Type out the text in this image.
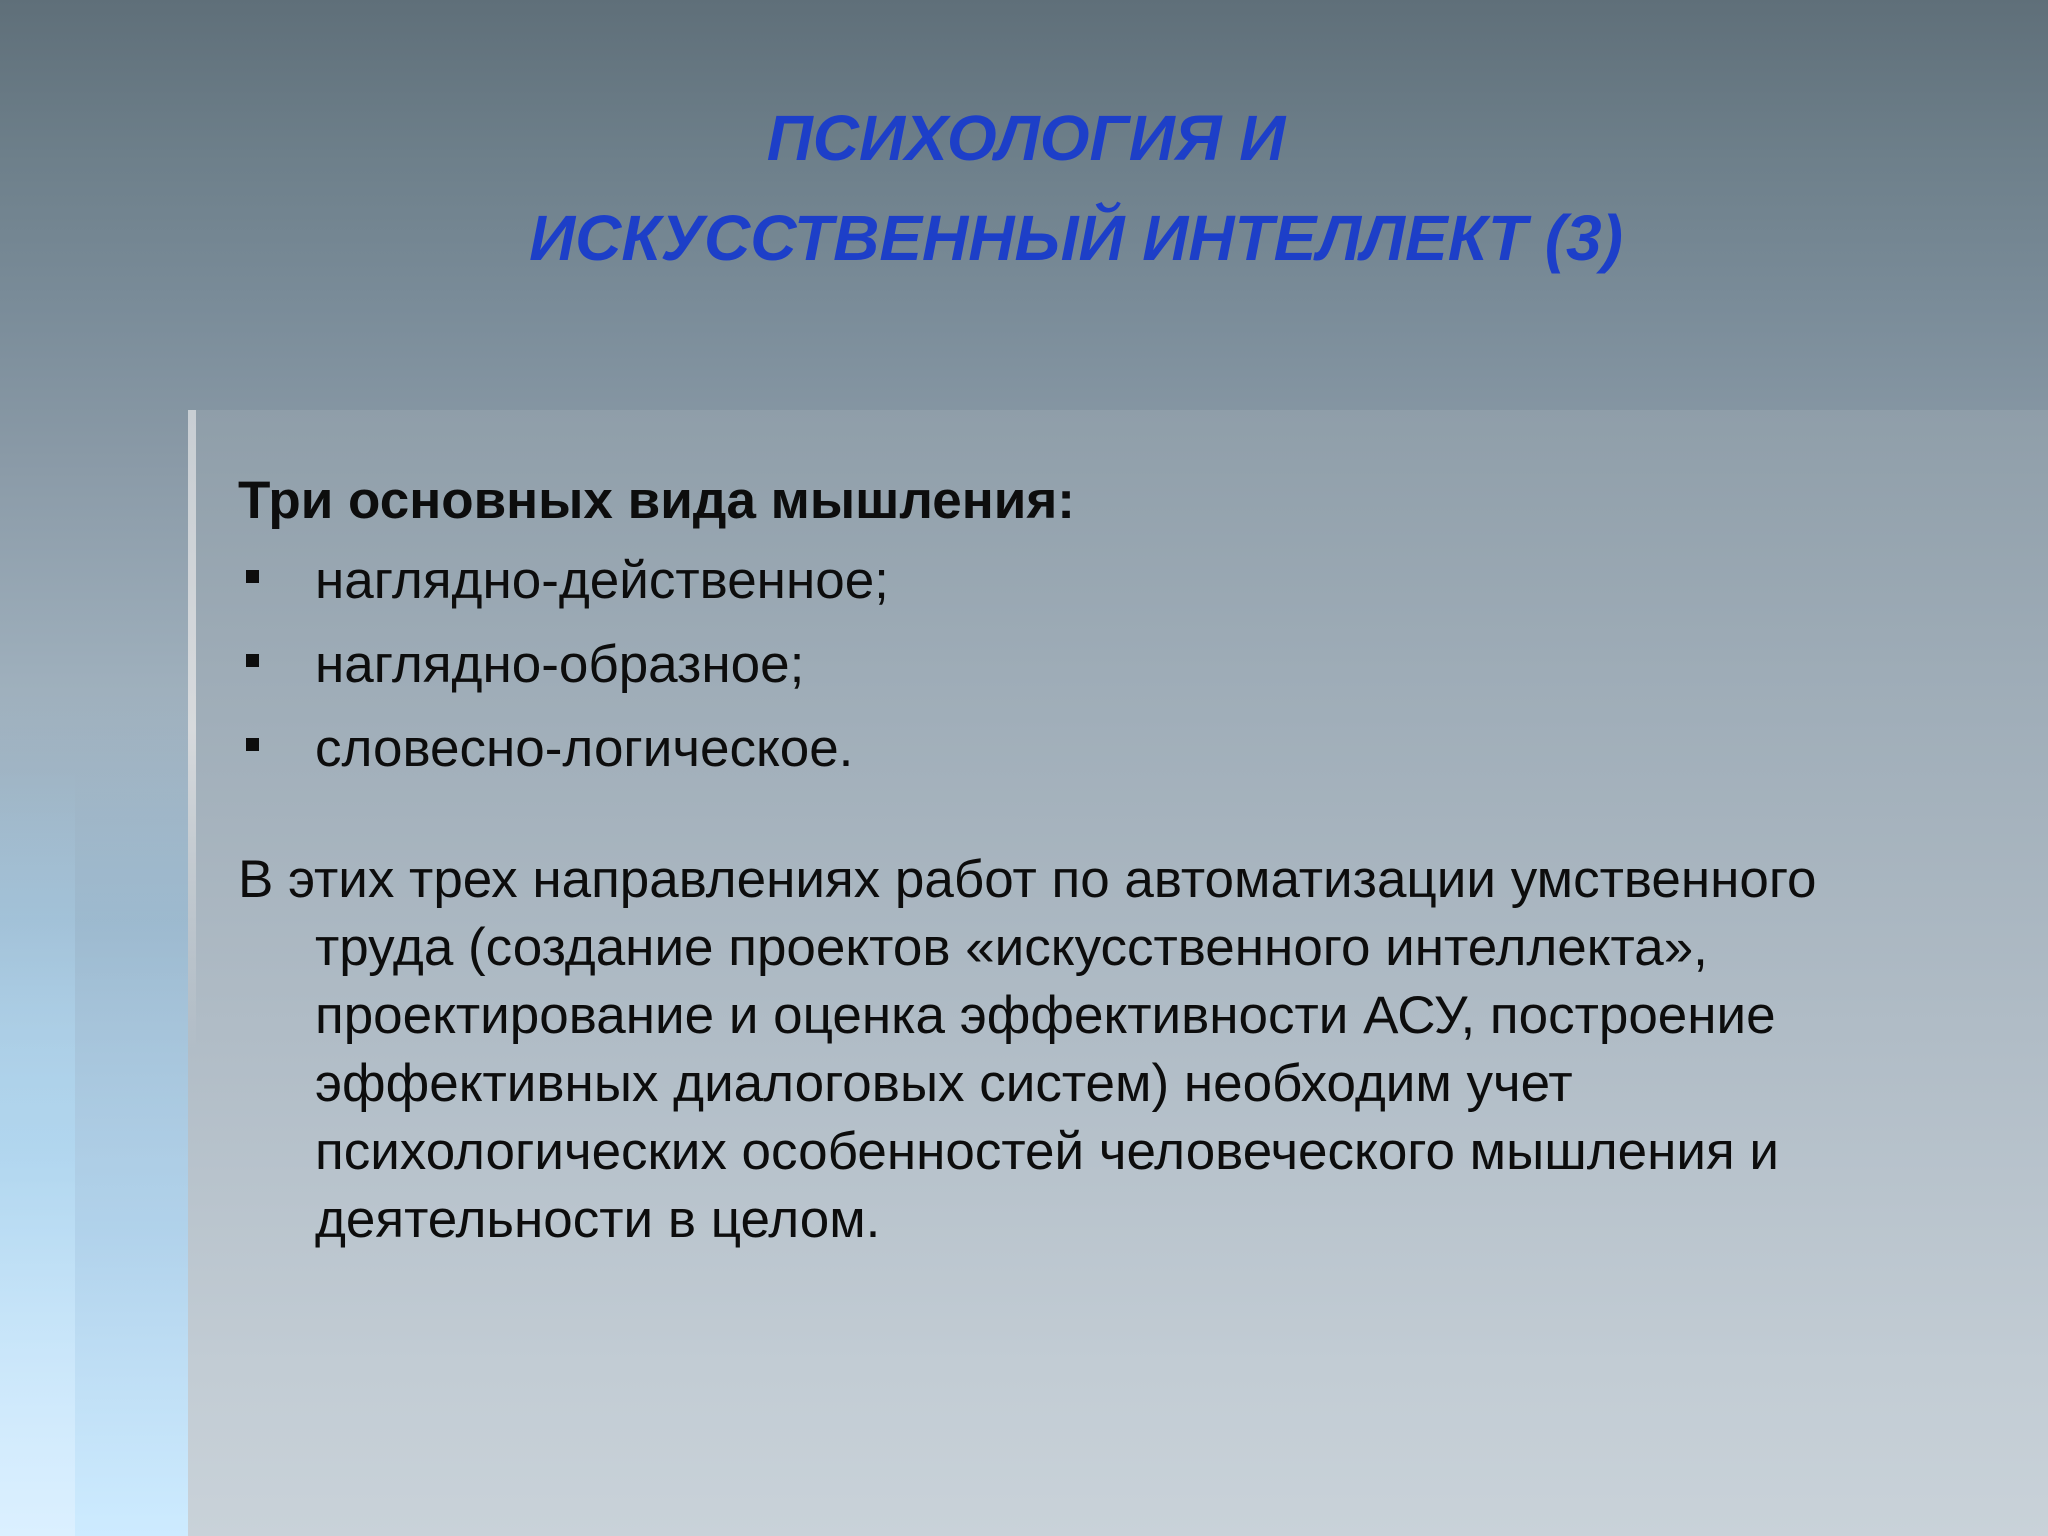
ПСИХОЛОГИЯ И
ИСКУССТВЕННЫЙ ИНТЕЛЛЕКТ (3)

Три основных вида мышления:

наглядно-действенное;
наглядно-образное;
словесно-логическое.

В этих трех направлениях работ по автоматизации умственного труда (создание проектов «искусственного интеллекта», проектирование и оценка эффективности АСУ, построение эффективных диалоговых систем) необходим учет психологических особенностей человеческого мышления и деятельности в целом.
